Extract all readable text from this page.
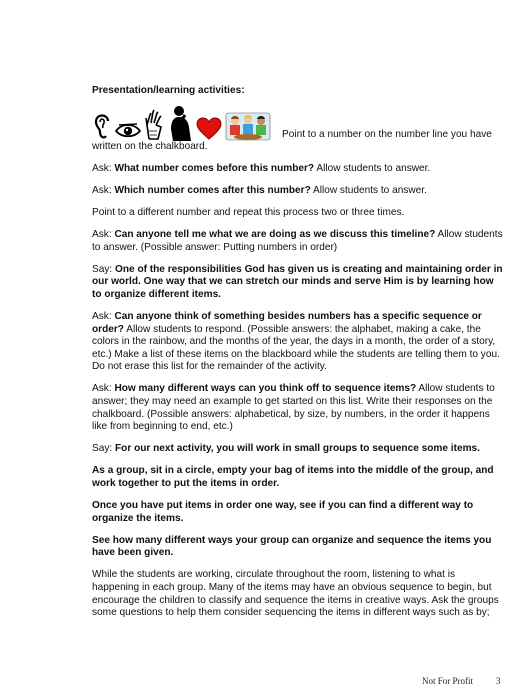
Presentation/learning activities:
Point to a number on the number line you have

written on the chalkboard.

Ask: What number comes before this number? Allow students to answer.

Ask: Which number comes after this number? Allow students to answer.

Point to a different number and repeat this process two or three times.

Ask: Can anyone tell me what we are doing as we discuss this timeline? Allow students to answer. (Possible answer: Putting numbers in order)

Say: One of the responsibilities God has given us is creating and maintaining order in our world. One way that we can stretch our minds and serve Him is by learning how to organize different items.

Ask: Can anyone think of something besides numbers has a specific sequence or order? Allow students to respond. (Possible answers: the alphabet, making a cake, the colors in the rainbow, and the months of the year, the days in a month, the order of a story, etc.) Make a list of these items on the blackboard while the students are telling them to you. Do not erase this list for the remainder of the activity.

Ask: How many different ways can you think off to sequence items? Allow students to answer; they may need an example to get started on this list. Write their responses on the chalkboard. (Possible answers: alphabetical, by size, by numbers, in the order it happens like from beginning to end, etc.)

Say: For our next activity, you will work in small groups to sequence some items.

As a group, sit in a circle, empty your bag of items into the middle of the group, and work together to put the items in order.

Once you have put items in order one way, see if you can find a different way to organize the items.

See how many different ways your group can organize and sequence the items you have been given.

While the students are working, circulate throughout the room, listening to what is happening in each group. Many of the items may have an obvious sequence to begin, but encourage the children to classify and sequence the items in creative ways. Ask the groups some questions to help them consider sequencing the items in different ways such as by;

Not For Profit	3
